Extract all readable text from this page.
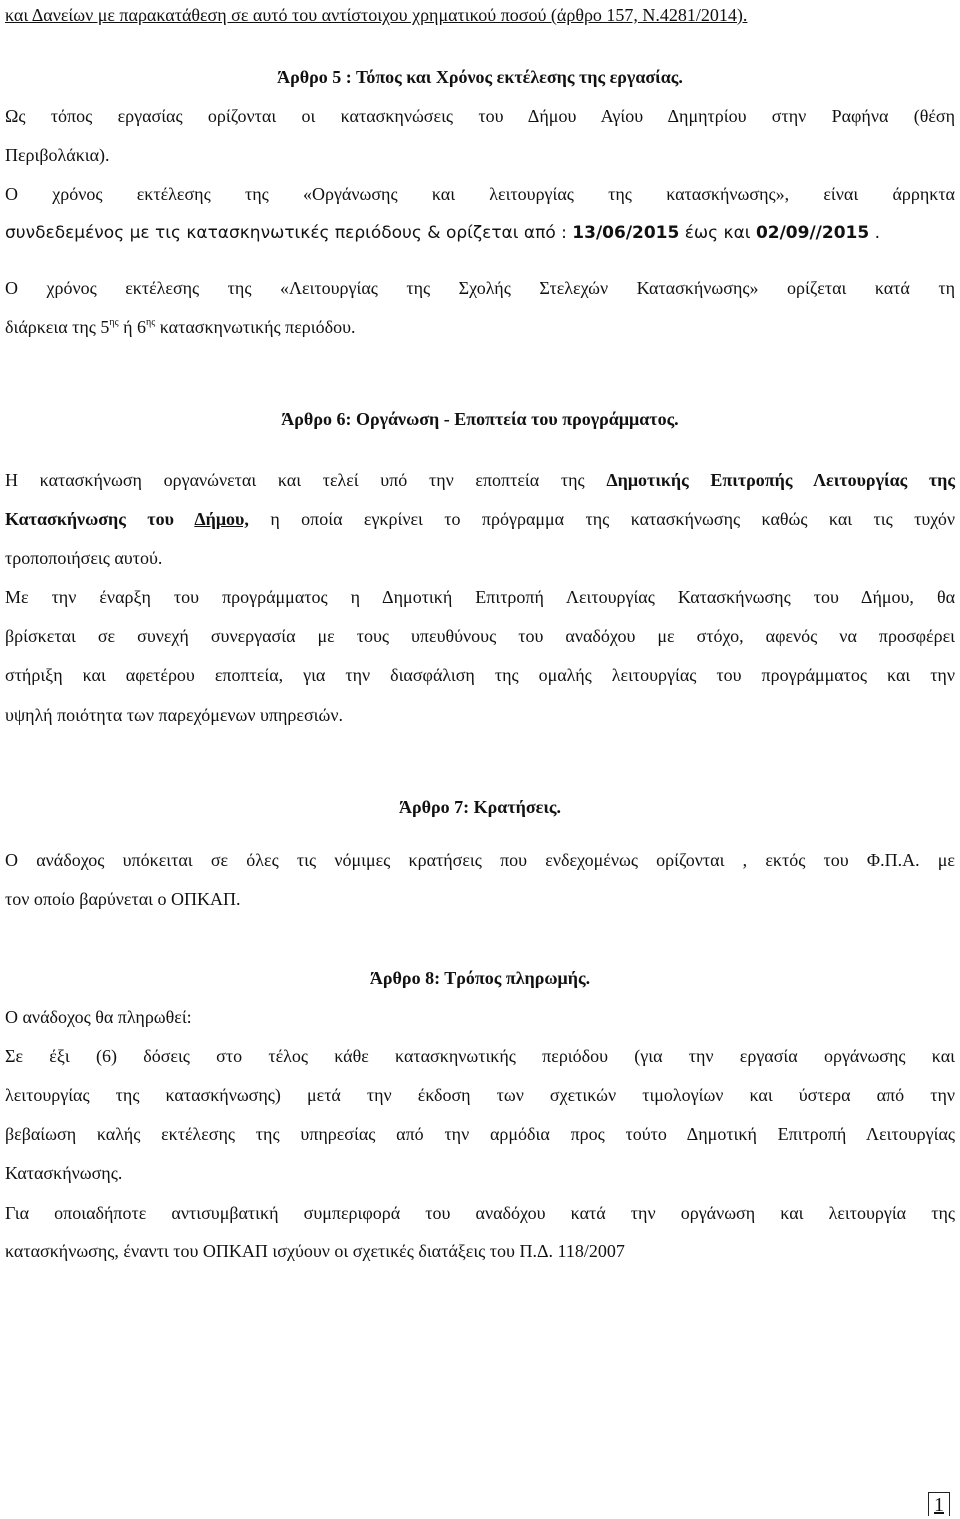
και Δανείων με παρακατάθεση σε αυτό του αντίστοιχου χρηματικού ποσού (άρθρο 157, Ν.4281/2014).

Άρθρο 5 : Τόπος και Χρόνος εκτέλεσης της εργασίας.

Ως τόπος εργασίας ορίζονται οι κατασκηνώσεις του Δήμου Αγίου Δημητρίου στην Ραφήνα (θέση

Περιβολάκια).

Ο χρόνος εκτέλεσης της «Οργάνωσης και λειτουργίας της κατασκήνωσης», είναι άρρηκτα

συνδεδεμένος με τις κατασκηνωτικές περιόδους & ορίζεται από : 13/06/2015 έως και 02/09//2015 .

Ο χρόνος εκτέλεσης της «Λειτουργίας της Σχολής Στελεχών Κατασκήνωσης» ορίζεται κατά τη

διάρκεια της $5^{\eta\varsigma}$ ή $6^{\eta\varsigma}$ κατασκηνωτικής περιόδου.

Άρθρο 6: Οργάνωση - Εποπτεία του προγράμματος.

Η κατασκήνωση οργανώνεται και τελεί υπό την εποπτεία της Δημοτικής Επιτροπής Λειτουργίας της

Κατασκήνωσης του Δήμου, η οποία εγκρίνει το πρόγραμμα της κατασκήνωσης καθώς και τις τυχόν

τροποποιήσεις αυτού.

Με την έναρξη του προγράμματος η Δημοτική Επιτροπή Λειτουργίας Κατασκήνωσης του Δήμου, θα

βρίσκεται σε συνεχή συνεργασία με τους υπευθύνους του αναδόχου με στόχο, αφενός να προσφέρει

στήριξη και αφετέρου εποπτεία, για την διασφάλιση της ομαλής λειτουργίας του προγράμματος και την

υψηλή ποιότητα των παρεχόμενων υπηρεσιών.

Άρθρο 7: Κρατήσεις.

Ο ανάδοχος υπόκειται σε όλες τις νόμιμες κρατήσεις που ενδεχομένως ορίζονται , εκτός του Φ.Π.Α. με

τον οποίο βαρύνεται ο ΟΠΚΑΠ.

Άρθρο 8: Τρόπος πληρωμής.

Ο ανάδοχος θα πληρωθεί:

Σε έξι (6) δόσεις στο τέλος κάθε κατασκηνωτικής περιόδου (για την εργασία οργάνωσης και

λειτουργίας της κατασκήνωσης) μετά την έκδοση των σχετικών τιμολογίων και ύστερα από την

βεβαίωση καλής εκτέλεσης της υπηρεσίας από την αρμόδια προς τούτο Δημοτική Επιτροπή Λειτουργίας

Κατασκήνωσης.

Για οποιαδήποτε αντισυμβατική συμπεριφορά του αναδόχου κατά την οργάνωση και λειτουργία της

κατασκήνωσης, έναντι του ΟΠΚΑΠ ισχύουν οι σχετικές διατάξεις του Π.Δ. 118/2007

1
